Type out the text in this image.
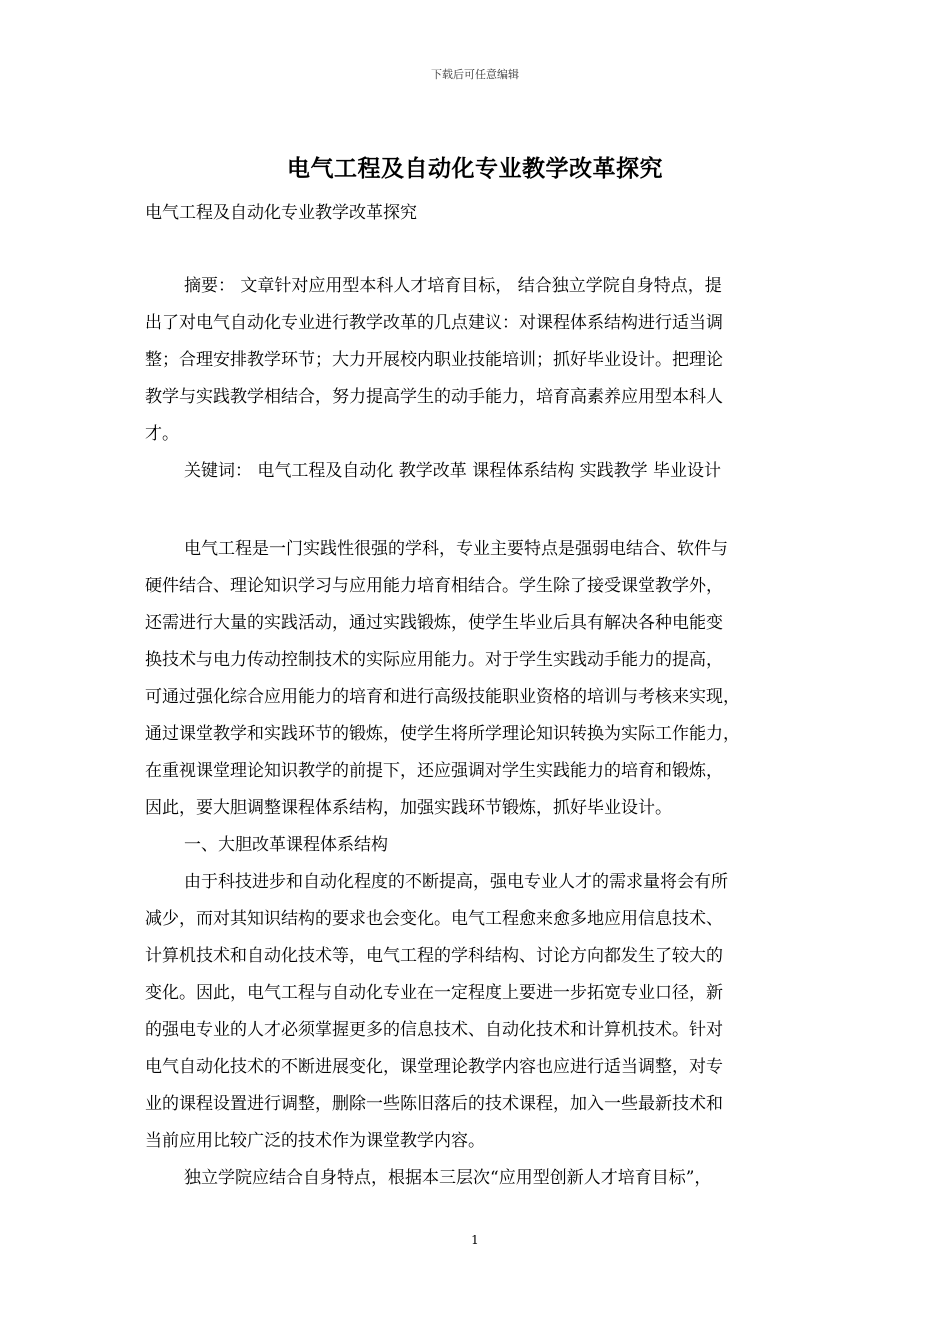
下载后可任意编辑
电气工程及自动化专业教学改革探究
电气工程及自动化专业教学改革探究
摘要： 文章针对应用型本科人才培育目标， 结合独立学院自身特点，提
出了对电气自动化专业进行教学改革的几点建议：对课程体系结构进行适当调
整；合理安排教学环节；大力开展校内职业技能培训；抓好毕业设计。把理论
教学与实践教学相结合，努力提高学生的动手能力，培育高素养应用型本科人
才。
关键词： 电气工程及自动化 教学改革 课程体系结构 实践教学 毕业设计
电气工程是一门实践性很强的学科，专业主要特点是强弱电结合、软件与
硬件结合、理论知识学习与应用能力培育相结合。学生除了接受课堂教学外，
还需进行大量的实践活动，通过实践锻炼，使学生毕业后具有解决各种电能变
换技术与电力传动控制技术的实际应用能力。对于学生实践动手能力的提高，
可通过强化综合应用能力的培育和进行高级技能职业资格的培训与考核来实现，
通过课堂教学和实践环节的锻炼，使学生将所学理论知识转换为实际工作能力，
在重视课堂理论知识教学的前提下，还应强调对学生实践能力的培育和锻炼，
因此，要大胆调整课程体系结构，加强实践环节锻炼，抓好毕业设计。
一、大胆改革课程体系结构
由于科技进步和自动化程度的不断提高，强电专业人才的需求量将会有所
减少，而对其知识结构的要求也会变化。电气工程愈来愈多地应用信息技术、
计算机技术和自动化技术等，电气工程的学科结构、讨论方向都发生了较大的
变化。因此，电气工程与自动化专业在一定程度上要进一步拓宽专业口径，新
的强电专业的人才必须掌握更多的信息技术、自动化技术和计算机技术。针对
电气自动化技术的不断进展变化，课堂理论教学内容也应进行适当调整，对专
业的课程设置进行调整，删除一些陈旧落后的技术课程，加入一些最新技术和
当前应用比较广泛的技术作为课堂教学内容。
独立学院应结合自身特点，根据本三层次“应用型创新人才培育目标”，
1
